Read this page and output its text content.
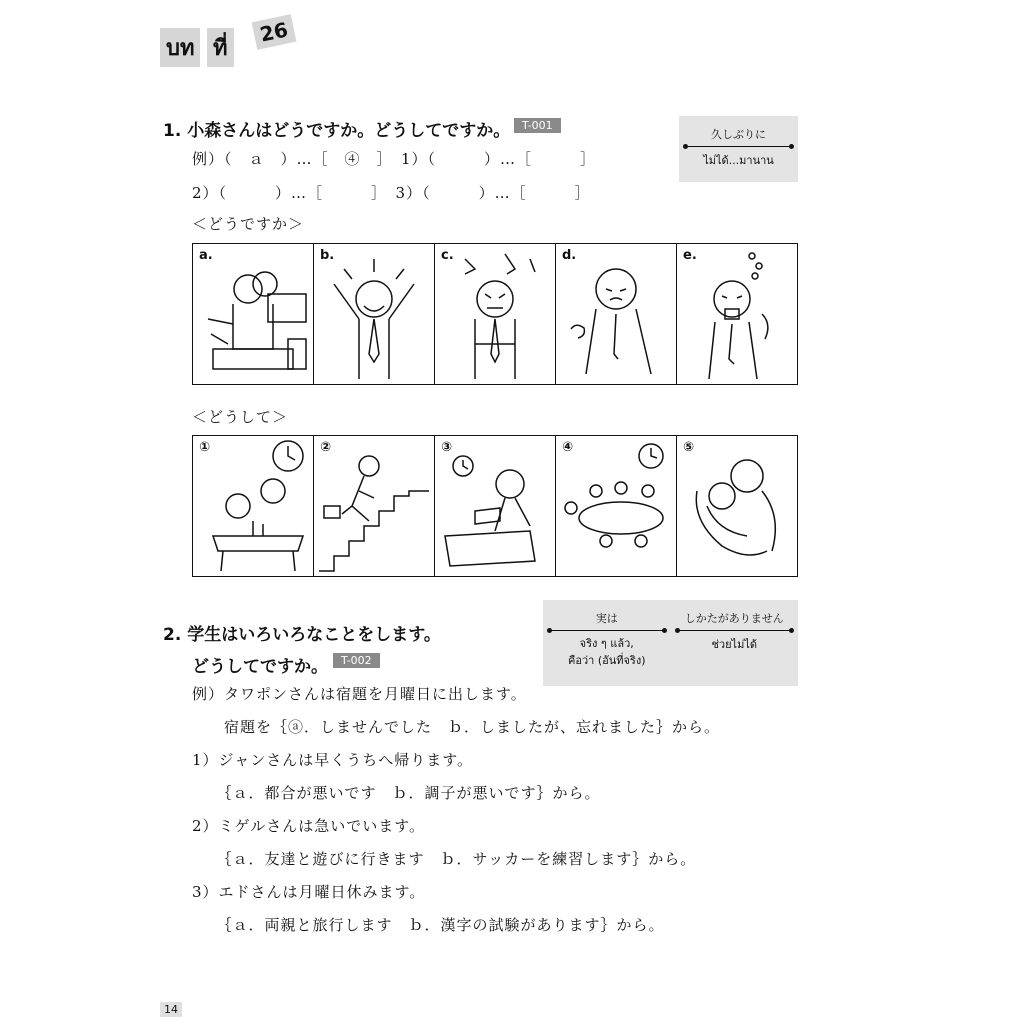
บท ที่
26
1. 小森さんはどうですか。どうしてですか。	T-001
例）（　ａ　）…［　④　］　1）（　　　）…［　　　］
2）（　　　）…［　　　］　3）（　　　）…［　　　］
久しぶりに
ไม่ได้...มานาน
＜どうですか＞
a.	b.	c.	d.	e.
＜どうして＞
①	②	③	④	⑤
2. 学生はいろいろなことをします。
どうしてですか。	T-002
実は
จริง ๆ แล้ว,
คือว่า (อันที่จริง)
しかたがありません
ช่วยไม่ได้
例）タワポンさんは宿題を月曜日に出します。
　　宿題を｛ⓐ．しませんでした　ｂ．しましたが、忘れました｝から。
1）ジャンさんは早くうちへ帰ります。
　　｛ａ．都合が悪いです　ｂ．調子が悪いです｝から。
2）ミゲルさんは急いでいます。
　　｛ａ．友達と遊びに行きます　ｂ．サッカーを練習します｝から。
3）エドさんは月曜日休みます。
　　｛ａ．両親と旅行します　ｂ．漢字の試験があります｝から。
14
